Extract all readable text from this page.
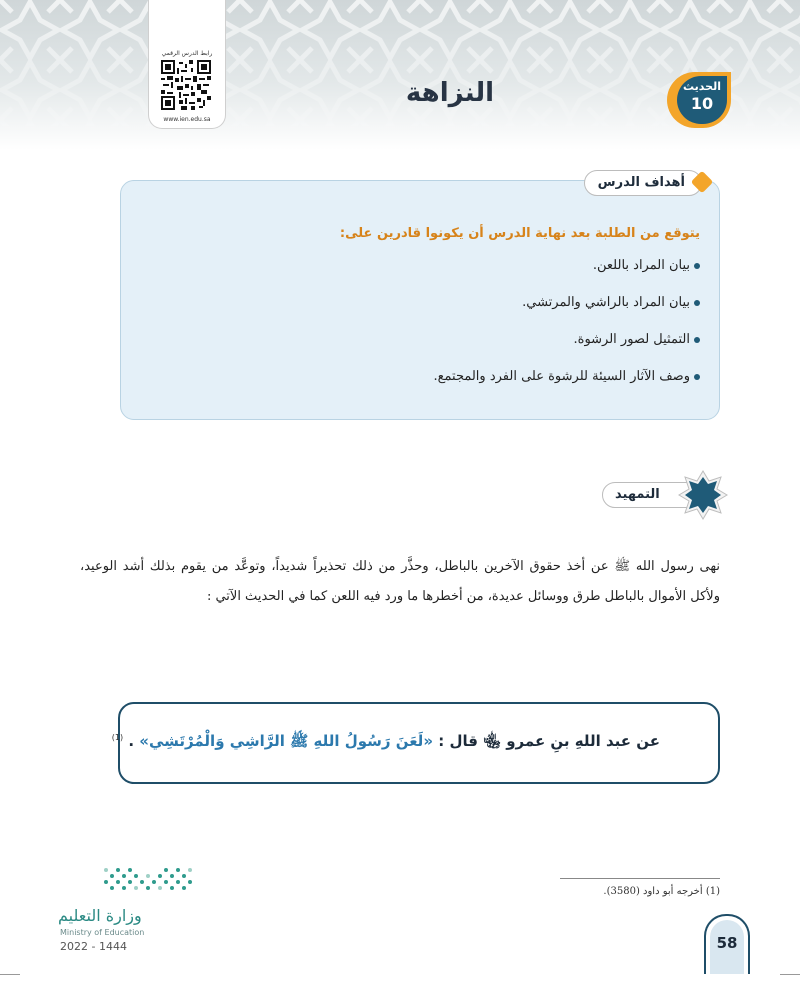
رابط الدرس الرقمي
www.ien.edu.sa
النزاهة	الحديث
10
أهداف الدرس
يتوقع من الطلبة بعد نهاية الدرس أن يكونوا قادرين على:
بيان المراد باللعن.
بيان المراد بالراشي والمرتشي.
التمثيل لصور الرشوة.
وصف الآثار السيئة للرشوة على الفرد والمجتمع.
التمهيد

نهى رسول الله ﷺ عن أخذ حقوق الآخرين بالباطل، وحذَّر من ذلك تحذيراً شديداً، وتوعَّد من يقوم بذلك أشد الوعيد، ولأكل الأموال بالباطل طرق ووسائل عديدة، من أخطرها ما ورد فيه اللعن كما في الحديث الآتي :

عن عبد اللهِ بنِ عمرو ﵄ قال : «لَعَنَ رَسُولُ اللهِ ﷺ الرَّاشِي وَالْمُرْتَشِي» . $^{(1)}$
وزارة التعليم
Ministry of Education
2022 - 1444
(1) أخرجه أبو داود (3580).
58
